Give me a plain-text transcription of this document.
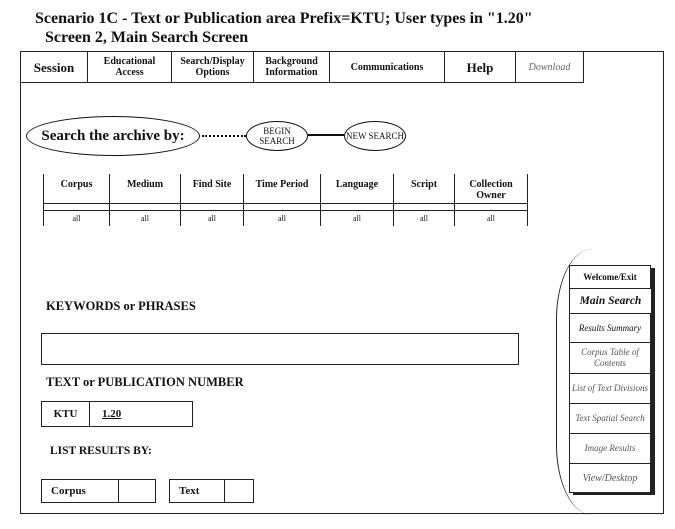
Scenario 1C - Text or Publication area Prefix=KTU; User types in "1.20"
Screen 2, Main Search Screen
Session	Educational Access
Search/Display Options
Background Information	Communications	Help	Download
Search the archive by:	BEGIN SEARCH	NEW SEARCH
Corpus	Medium	Find Site	Time Period	Language	Script	Collection Owner

all	all	all	all	all	all	all
KEYWORDS or PHRASES
TEXT or PUBLICATION NUMBER
KTU	1.20
LIST RESULTS BY:
Corpus	Text
Welcome/Exit
Main Search
Results Summary
Corpus Table of Contents
List of Text Divisions
Text Spatial Search
Image Results
View/Desktop
